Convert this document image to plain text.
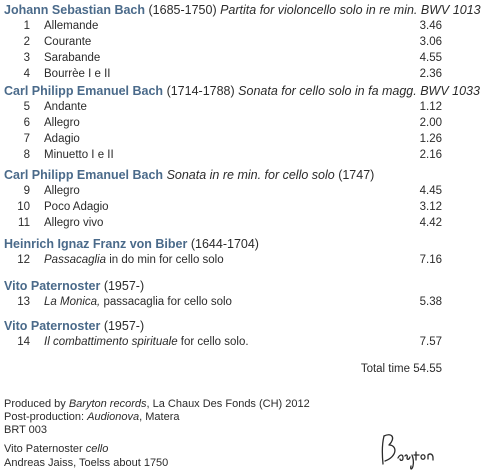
Johann Sebastian Bach (1685-1750) Partita for violoncello solo in re min. BWV 1013
1 Allemande	3.46
2 Courante	3.06
3 Sarabande	4.55
4 Bourrèe I e II	2.36
Carl Philipp Emanuel Bach (1714-1788) Sonata for cello solo in fa magg. BWV 1033
5 Andante	1.12
6 Allegro	2.00
7 Adagio	1.26
8 Minuetto I e II	2.16
Carl Philipp Emanuel Bach Sonata in re min. for cello solo (1747)
9 Allegro	4.45
10 Poco Adagio	3.12
11 Allegro vivo	4.42
Heinrich Ignaz Franz von Biber (1644-1704)
12 Passacaglia in do min for cello solo	7.16
Vito Paternoster (1957-)
13 La Monica, passacaglia for cello solo	5.38
Vito Paternoster (1957-)
14 Il combattimento spirituale for cello solo.	7.57
Total time 54.55
Produced by Baryton records, La Chaux Des Fonds (CH) 2012
Post-production: Audionova, Matera
BRT 003
Vito Paternoster cello
Andreas Jaiss, Toelss about 1750
